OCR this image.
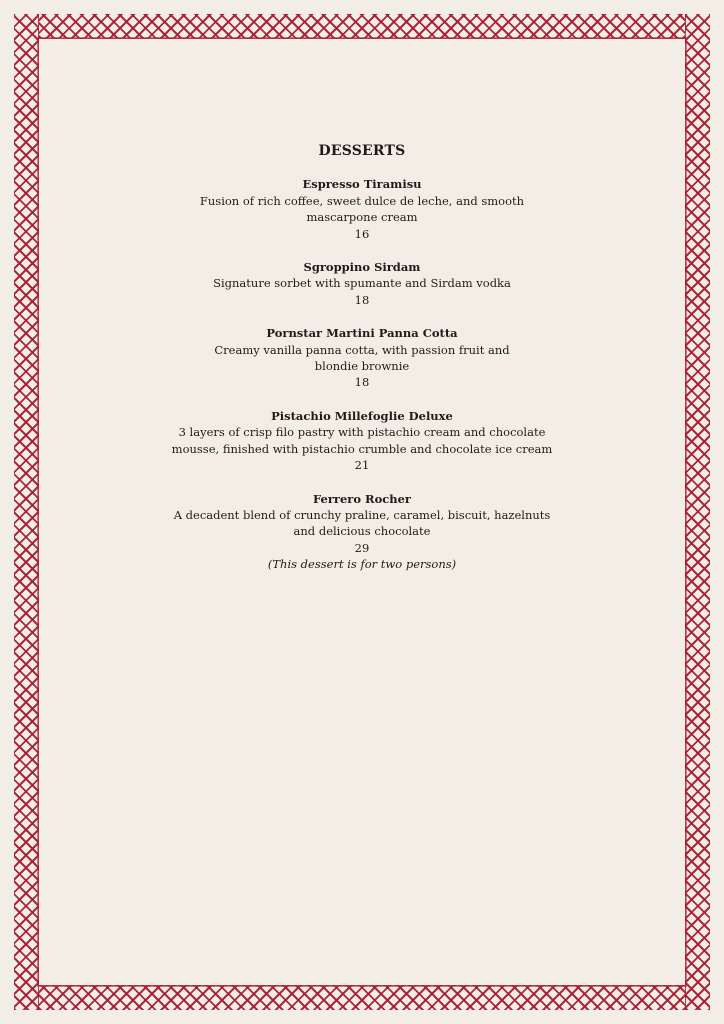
DESSERTS
Espresso Tiramisu
Fusion of rich coffee, sweet dulce de leche, and smooth
mascarpone cream
16
Sgroppino Sirdam
Signature sorbet with spumante and Sirdam vodka
18
Pornstar Martini Panna Cotta
Creamy vanilla panna cotta, with passion fruit and
blondie brownie
18
Pistachio Millefoglie Deluxe
3 layers of crisp filo pastry with pistachio cream and chocolate
mousse, finished with pistachio crumble and chocolate ice cream
21
Ferrero Rocher
A decadent blend of crunchy praline, caramel, biscuit, hazelnuts
and delicious chocolate
29
(This dessert is for two persons)
